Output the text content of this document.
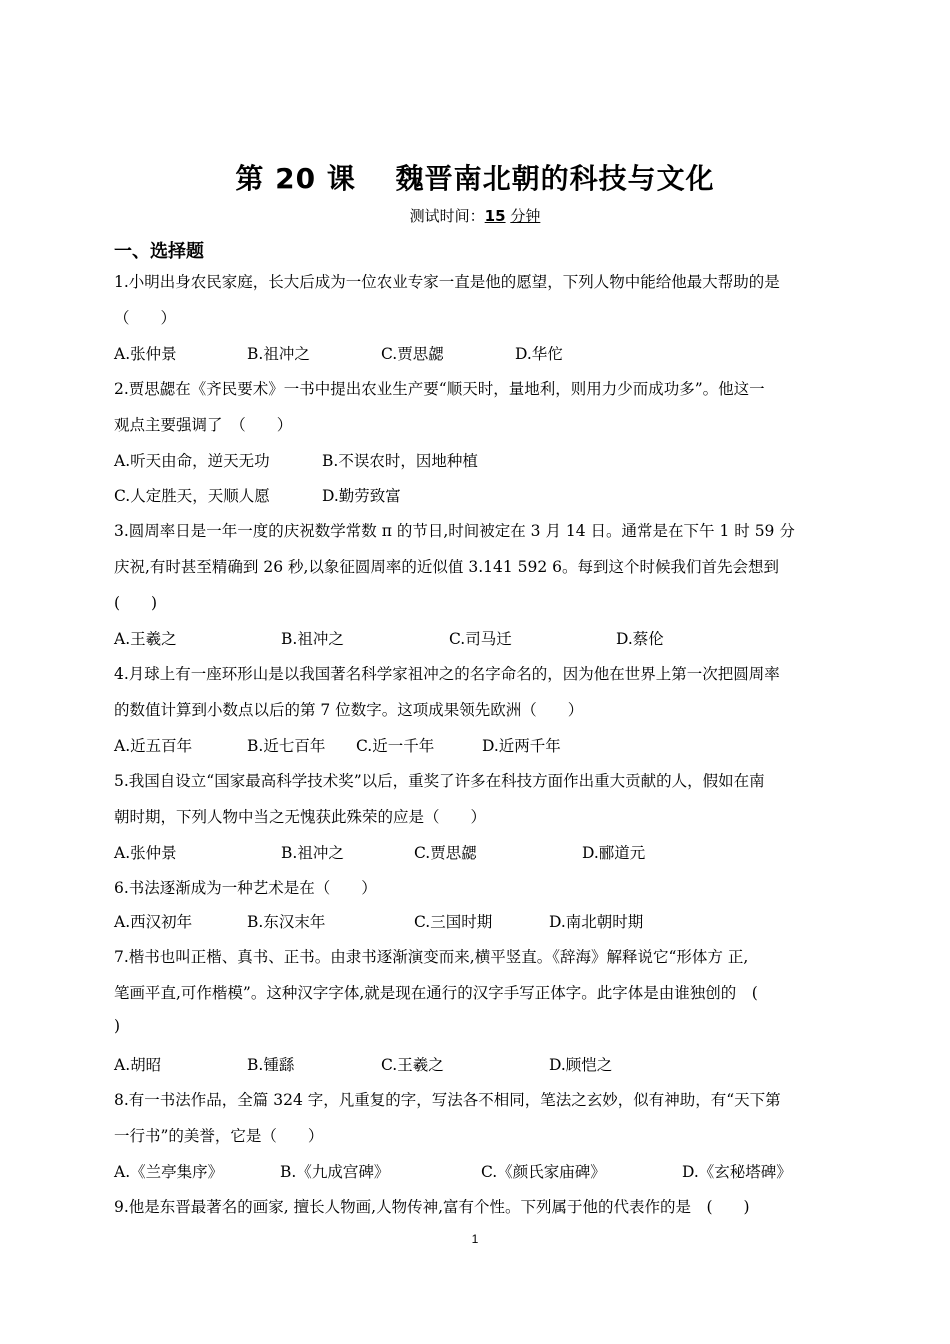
第 20 课　 魏晋南北朝的科技与文化
测试时间：15 分钟
一、选择题
1.小明出身农民家庭，长大后成为一位农业专家一直是他的愿望，下列人物中能给他最大帮助的是
（　　）
A.张仲景	B.祖冲之	C.贾思勰	D.华佗
2.贾思勰在《齐民要术》一书中提出农业生产要“顺天时，量地利，则用力少而成功多”。他这一
观点主要强调了　（　　）
A.听天由命，逆天无功	B.不误农时，因地种植
C.人定胜天，天顺人愿	D.勤劳致富
3.圆周率日是一年一度的庆祝数学常数 π 的节日,时间被定在 3 月 14 日。通常是在下午 1 时 59 分
庆祝,有时甚至精确到 26 秒,以象征圆周率的近似值 3.141 592 6。每到这个时候我们首先会想到
(　　)
A.王羲之	B.祖冲之	C.司马迁	D.蔡伦
4.月球上有一座环形山是以我国著名科学家祖冲之的名字命名的，因为他在世界上第一次把圆周率
的数值计算到小数点以后的第 7 位数字。这项成果领先欧洲（　　）
A.近五百年	B.近七百年 C.近一千年	D.近两千年
5.我国自设立“国家最高科学技术奖”以后，重奖了许多在科技方面作出重大贡献的人，假如在南
朝时期，下列人物中当之无愧获此殊荣的应是（　　）
A.张仲景	B.祖冲之	C.贾思勰	D.郦道元
6.书法逐渐成为一种艺术是在（　　）
A.西汉初年	B.东汉末年	C.三国时期	D.南北朝时期
7.楷书也叫正楷、真书、正书。由隶书逐渐演变而来,横平竖直。《辞海》解释说它“形体方 正,
笔画平直,可作楷模”。这种汉字字体,就是现在通行的汉字手写正体字。此字体是由谁独创的　(
)
A.胡昭	B.锺繇	C.王羲之	D.顾恺之
8.有一书法作品，全篇 324 字，凡重复的字，写法各不相同，笔法之玄妙，似有神助，有“天下第
一行书”的美誉，它是（　　）
A.《兰亭集序》	B.《九成宫碑》	C.《颜氏家庙碑》	D.《玄秘塔碑》
9.他是东晋最著名的画家, 擅长人物画,人物传神,富有个性。下列属于他的代表作的是　(　　)
1
